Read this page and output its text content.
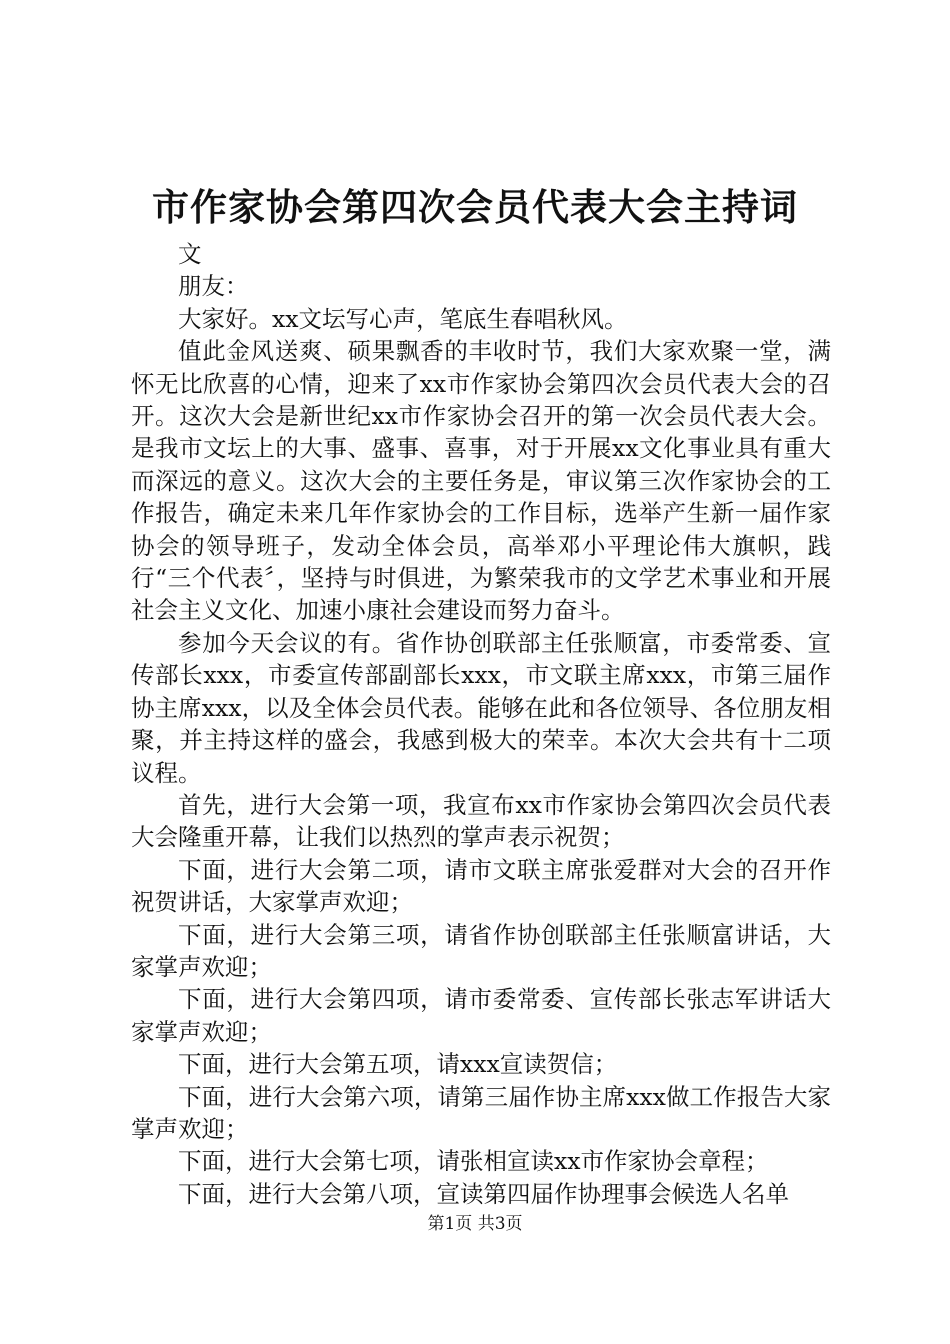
市作家协会第四次会员代表大会主持词

文

朋友：

大家好。xx文坛写心声，笔底生春唱秋风。

值此金风送爽、硕果飘香的丰收时节，我们大家欢聚一堂，满怀无比欣喜的心情，迎来了xx市作家协会第四次会员代表大会的召开。这次大会是新世纪xx市作家协会召开的第一次会员代表大会。是我市文坛上的大事、盛事、喜事，对于开展xx文化事业具有重大而深远的意义。这次大会的主要任务是，审议第三次作家协会的工作报告，确定未来几年作家协会的工作目标，选举产生新一届作家协会的领导班子，发动全体会员，高举邓小平理论伟大旗帜，践行“三个代表〞，坚持与时俱进，为繁荣我市的文学艺术事业和开展社会主义文化、加速小康社会建设而努力奋斗。

参加今天会议的有。省作协创联部主任张顺富，市委常委、宣传部长xxx，市委宣传部副部长xxx，市文联主席xxx，市第三届作协主席xxx，以及全体会员代表。能够在此和各位领导、各位朋友相聚，并主持这样的盛会，我感到极大的荣幸。本次大会共有十二项议程。

首先，进行大会第一项，我宣布xx市作家协会第四次会员代表大会隆重开幕，让我们以热烈的掌声表示祝贺；

下面，进行大会第二项，请市文联主席张爱群对大会的召开作祝贺讲话，大家掌声欢迎；

下面，进行大会第三项，请省作协创联部主任张顺富讲话，大家掌声欢迎；

下面，进行大会第四项，请市委常委、宣传部长张志军讲话大家掌声欢迎；

下面，进行大会第五项，请xxx宣读贺信；

下面，进行大会第六项，请第三届作协主席xxx做工作报告大家掌声欢迎；

下面，进行大会第七项，请张相宣读xx市作家协会章程；

下面，进行大会第八项，宣读第四届作协理事会候选人名单

第1页 共3页
